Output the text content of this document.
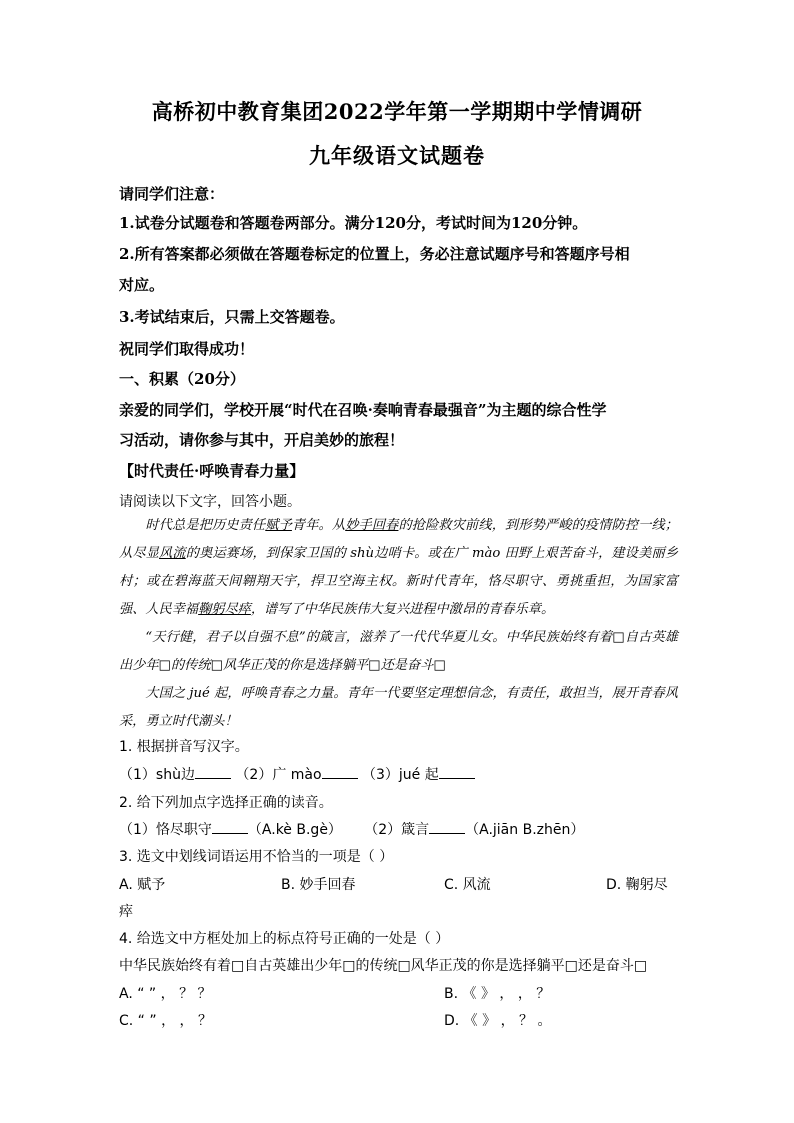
高桥初中教育集团2022学年第一学期期中学情调研
九年级语文试题卷
请同学们注意：
1.试卷分试题卷和答题卷两部分。满分120分，考试时间为120分钟。
2.所有答案都必须做在答题卷标定的位置上，务必注意试题序号和答题序号相
对应。
3.考试结束后，只需上交答题卷。
祝同学们取得成功！
一、积累（20分）
亲爱的同学们，学校开展“时代在召唤·奏响青春最强音”为主题的综合性学
习活动，请你参与其中，开启美妙的旅程！
【时代责任·呼唤青春力量】
请阅读以下文字，回答小题。

时代总是把历史责任赋予青年。从妙手回春的抢险救灾前线，到形势严峻的疫情防控一线；从尽显风流的奥运赛场，到保家卫国的 shù边哨卡。或在广 mào 田野上艰苦奋斗，建设美丽乡村；或在碧海蓝天间翱翔天宇，捍卫空海主权。新时代青年，恪尽职守、勇挑重担，为国家富强、人民幸福鞠躬尽瘁，谱写了中华民族伟大复兴进程中激昂的青春乐章。

“天行健，君子以自强不息”的箴言，滋养了一代代华夏儿女。中华民族始终有着□自古英雄出少年□的传统□风华正茂的你是选择躺平□还是奋斗□

大国之 jué 起，呼唤青春之力量。青年一代要坚定理想信念，有责任，敢担当，展开青春风采，勇立时代潮头！

1. 根据拼音写汉字。
（1）shù边	（2）广 mào	（3）jué 起
2. 给下列加点字选择正确的读音。
（1）恪尽职守	（A.kè B.gè） （2）箴言	（A.jiān B.zhēn）
3. 选文中划线词语运用不恰当的一项是（ ）
A. 赋予	B. 妙手回春	C. 风流	D. 鞠躬尽
瘁
4. 给选文中方框处加上的标点符号正确的一处是（ ）
中华民族始终有着□自古英雄出少年□的传统□风华正茂的你是选择躺平□还是奋斗□
A. “ ” ， ？ ？	B. 《 》 ， ， ？
C. “ ” ， ， ？	D. 《 》 ， ？ 。
